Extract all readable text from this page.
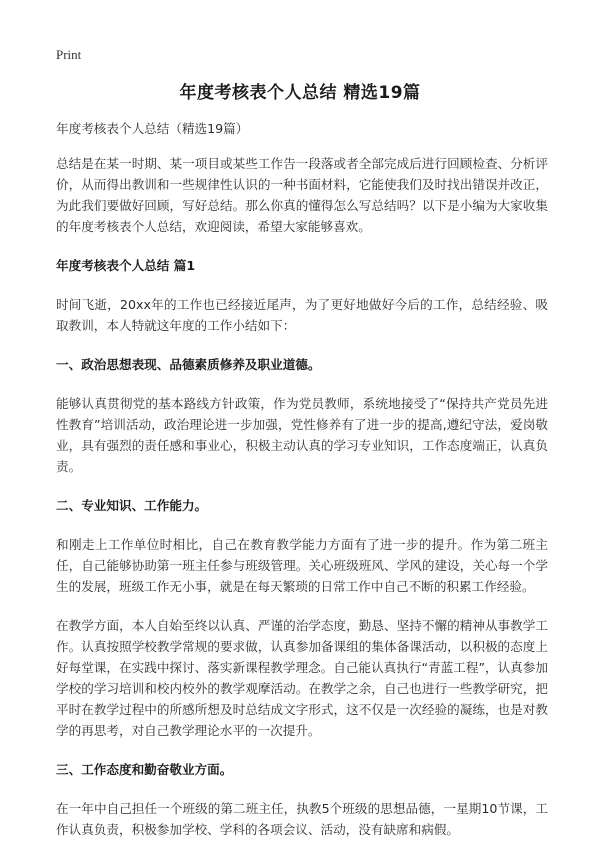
Print
年度考核表个人总结 精选19篇

年度考核表个人总结（精选19篇）

总结是在某一时期、某一项目或某些工作告一段落或者全部完成后进行回顾检查、分析评价，从而得出教训和一些规律性认识的一种书面材料，它能使我们及时找出错误并改正，为此我们要做好回顾，写好总结。那么你真的懂得怎么写总结吗？以下是小编为大家收集的年度考核表个人总结，欢迎阅读，希望大家能够喜欢。

年度考核表个人总结 篇1

时间飞逝，20xx年的工作也已经接近尾声，为了更好地做好今后的工作，总结经验、吸取教训，本人特就这年度的工作小结如下：

一、政治思想表现、品德素质修养及职业道德。

能够认真贯彻党的基本路线方针政策，作为党员教师，系统地接受了“保持共产党员先进性教育”培训活动，政治理论进一步加强，党性修养有了进一步的提高,遵纪守法，爱岗敬业，具有强烈的责任感和事业心，积极主动认真的学习专业知识，工作态度端正，认真负责。

二、专业知识、工作能力。

和刚走上工作单位时相比，自己在教育教学能力方面有了进一步的提升。作为第二班主任，自己能够协助第一班主任参与班级管理。关心班级班风、学风的建设，关心每一个学生的发展，班级工作无小事，就是在每天繁琐的日常工作中自己不断的积累工作经验。

在教学方面，本人自始至终以认真、严谨的治学态度，勤恳、坚持不懈的精神从事教学工作。认真按照学校教学常规的要求做，认真参加备课组的集体备课活动，以积极的态度上好每堂课，在实践中探讨、落实新课程教学理念。自己能认真执行“青蓝工程”，认真参加学校的学习培训和校内校外的教学观摩活动。在教学之余，自己也进行一些教学研究，把平时在教学过程中的所感所想及时总结成文字形式，这不仅是一次经验的凝练，也是对教学的再思考，对自己教学理论水平的一次提升。

三、工作态度和勤奋敬业方面。

在一年中自己担任一个班级的第二班主任，执教5个班级的思想品德，一星期10节课，工作认真负责，积极参加学校、学科的各项会议、活动，没有缺席和病假。
